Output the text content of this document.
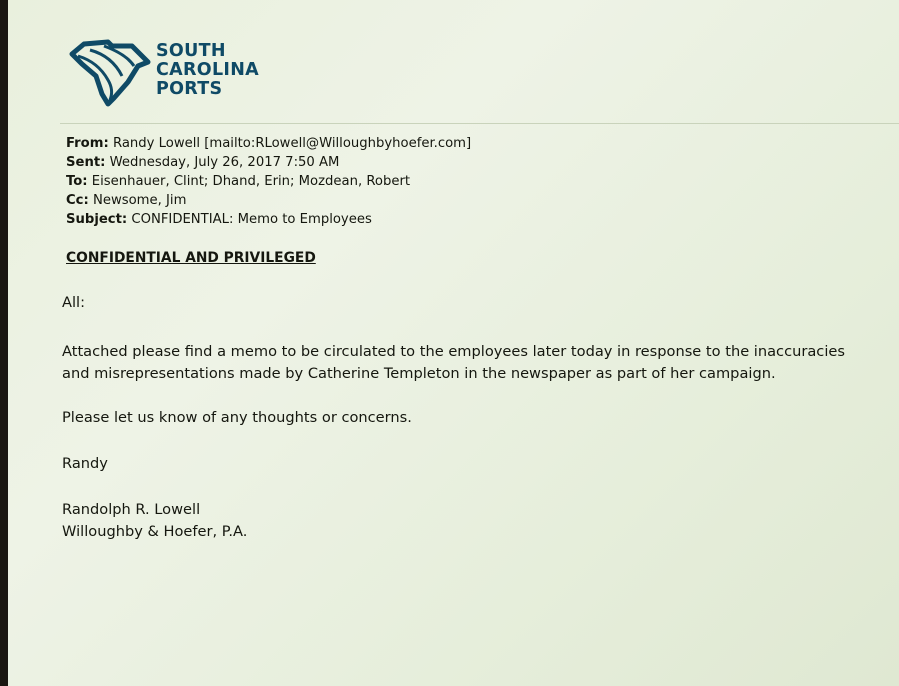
SOUTH
CAROLINA
PORTS
From: Randy Lowell [mailto:RLowell@Willoughbyhoefer.com]
Sent: Wednesday, July 26, 2017 7:50 AM
To: Eisenhauer, Clint; Dhand, Erin; Mozdean, Robert
Cc: Newsome, Jim
Subject: CONFIDENTIAL: Memo to Employees
CONFIDENTIAL AND PRIVILEGED
All:
Attached please find a memo to be circulated to the employees later today in response to the inaccuracies
and misrepresentations made by Catherine Templeton in the newspaper as part of her campaign.
Please let us know of any thoughts or concerns.
Randy
Randolph R. Lowell
Willoughby & Hoefer, P.A.
